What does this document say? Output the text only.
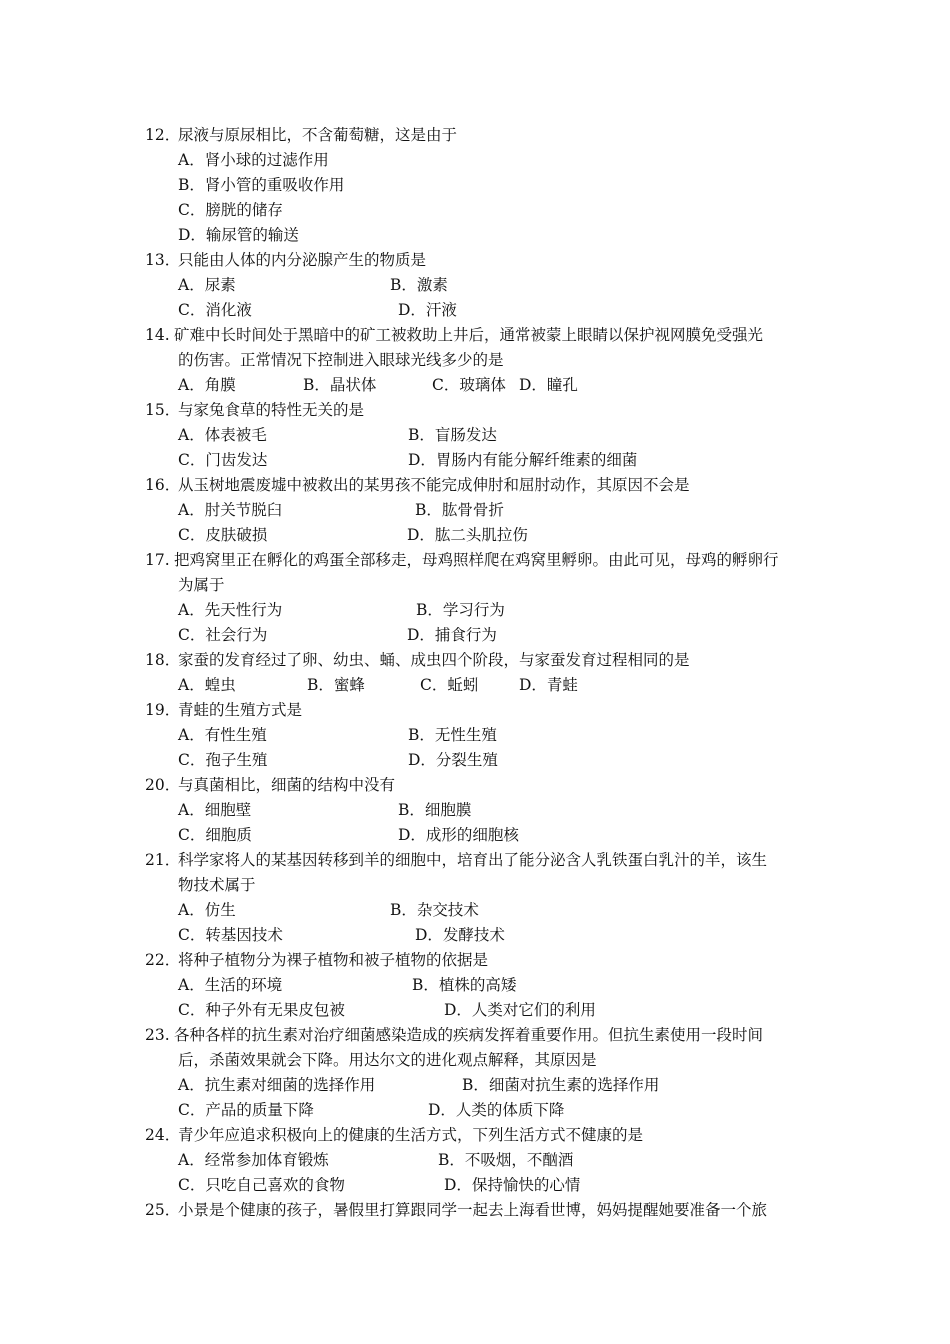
12．
尿液与原尿相比，不含葡萄糖，这是由于
A．肾小球的过滤作用
B．肾小管的重吸收作用
C．膀胱的储存
D．输尿管的输送
13．
只能由人体的内分泌腺产生的物质是
A．尿素	B．激素
C．消化液	D．汗液
14. 矿难中长时间处于黑暗中的矿工被救助上井后，通常被蒙上眼睛以保护视网膜免受强光
的伤害。正常情况下控制进入眼球光线多少的是
A．角膜	B．晶状体	C．玻璃体 D．瞳孔
15．
与家兔食草的特性无关的是
A．体表被毛	B．盲肠发达
C．门齿发达	D．胃肠内有能分解纤维素的细菌
16．
从玉树地震废墟中被救出的某男孩不能完成伸肘和屈肘动作，其原因不会是
A．肘关节脱臼	B．肱骨骨折
C．皮肤破损	D．肱二头肌拉伤
17. 把鸡窝里正在孵化的鸡蛋全部移走，母鸡照样爬在鸡窝里孵卵。由此可见，母鸡的孵卵行
为属于
A．先天性行为	B．学习行为
C．社会行为	D．捕食行为
18．
家蚕的发育经过了卵、幼虫、蛹、成虫四个阶段，与家蚕发育过程相同的是
A．蝗虫	B．蜜蜂	C．蚯蚓	D．青蛙
19．
青蛙的生殖方式是
A．有性生殖	B．无性生殖
C．孢子生殖	D．分裂生殖
20．
与真菌相比，细菌的结构中没有
A．细胞壁	B．细胞膜
C．细胞质	D．成形的细胞核
21．
科学家将人的某基因转移到羊的细胞中，培育出了能分泌含人乳铁蛋白乳汁的羊，该生
物技术属于
A．仿生	B．杂交技术
C．转基因技术	D．发酵技术
22．
将种子植物分为裸子植物和被子植物的依据是
A．生活的环境	B．植株的高矮
C．种子外有无果皮包被	D．人类对它们的利用
23. 各种各样的抗生素对治疗细菌感染造成的疾病发挥着重要作用。但抗生素使用一段时间
后，杀菌效果就会下降。用达尔文的进化观点解释，其原因是
A．抗生素对细菌的选择作用	B．细菌对抗生素的选择作用
C．产品的质量下降	D．人类的体质下降
24．
青少年应追求积极向上的健康的生活方式，下列生活方式不健康的是
A．经常参加体育锻炼	B．不吸烟，不酗酒
C．只吃自己喜欢的食物	D．保持愉快的心情
25．
小景是个健康的孩子，暑假里打算跟同学一起去上海看世博，妈妈提醒她要准备一个旅
